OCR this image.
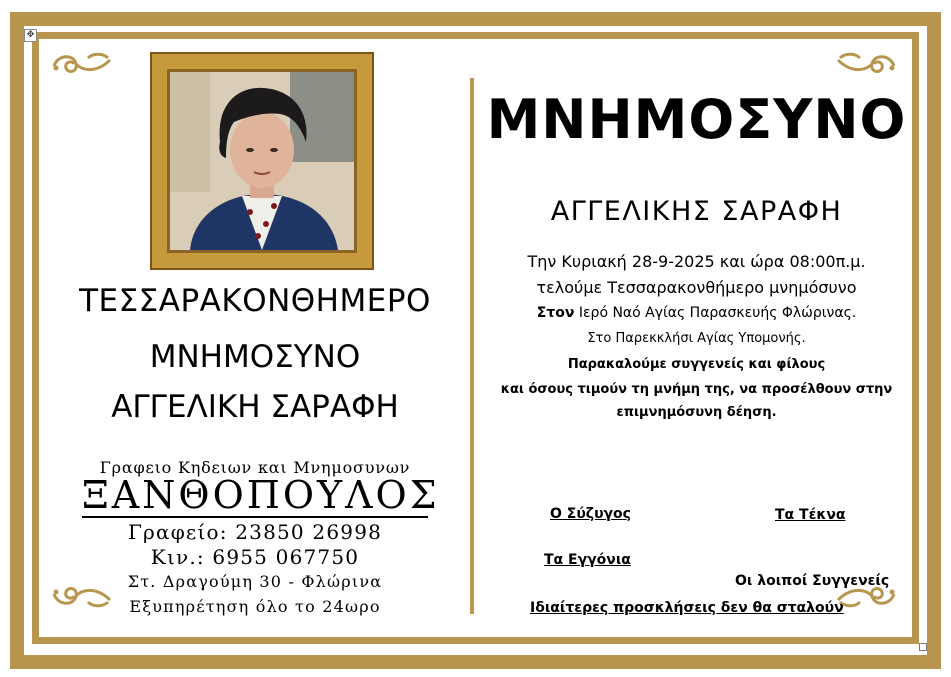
✥
ΤΕΣΣΑΡΑΚΟΝΘΗΜΕΡΟ
ΜΝΗΜΟΣΥΝΟ
ΑΓΓΕΛΙΚΗ ΣΑΡΑΦΗ
Γραφειο Κηδειων και Μνημοσυνων
ΞΑΝΘΟΠΟΥΛΟΣ
Γραφείο: 23850 26998
Κιν.: 6955 067750
Στ. Δραγούμη 30 - Φλώρινα
Εξυπηρέτηση όλο το 24ωρο
ΜΝΗΜΟΣΥΝΟ
ΑΓΓΕΛΙΚΗΣ ΣΑΡΑΦΗ
Την Κυριακή 28-9-2025 και ώρα 08:00π.μ.
τελούμε Τεσσαρακονθήμερο μνημόσυνο
Στον Ιερό Ναό Αγίας Παρασκευής Φλώρινας.
Στο Παρεκκλήσι Αγίας Υπομονής.
Παρακαλούμε συγγενείς και φίλους
και όσους τιμούν τη μνήμη της, να προσέλθουν στην
επιμνημόσυνη δέηση.
Ο Σύζυγος	Τα Τέκνα
Τα Εγγόνια
Οι λοιποί Συγγενείς
Ιδιαίτερες προσκλήσεις δεν θα σταλούν
